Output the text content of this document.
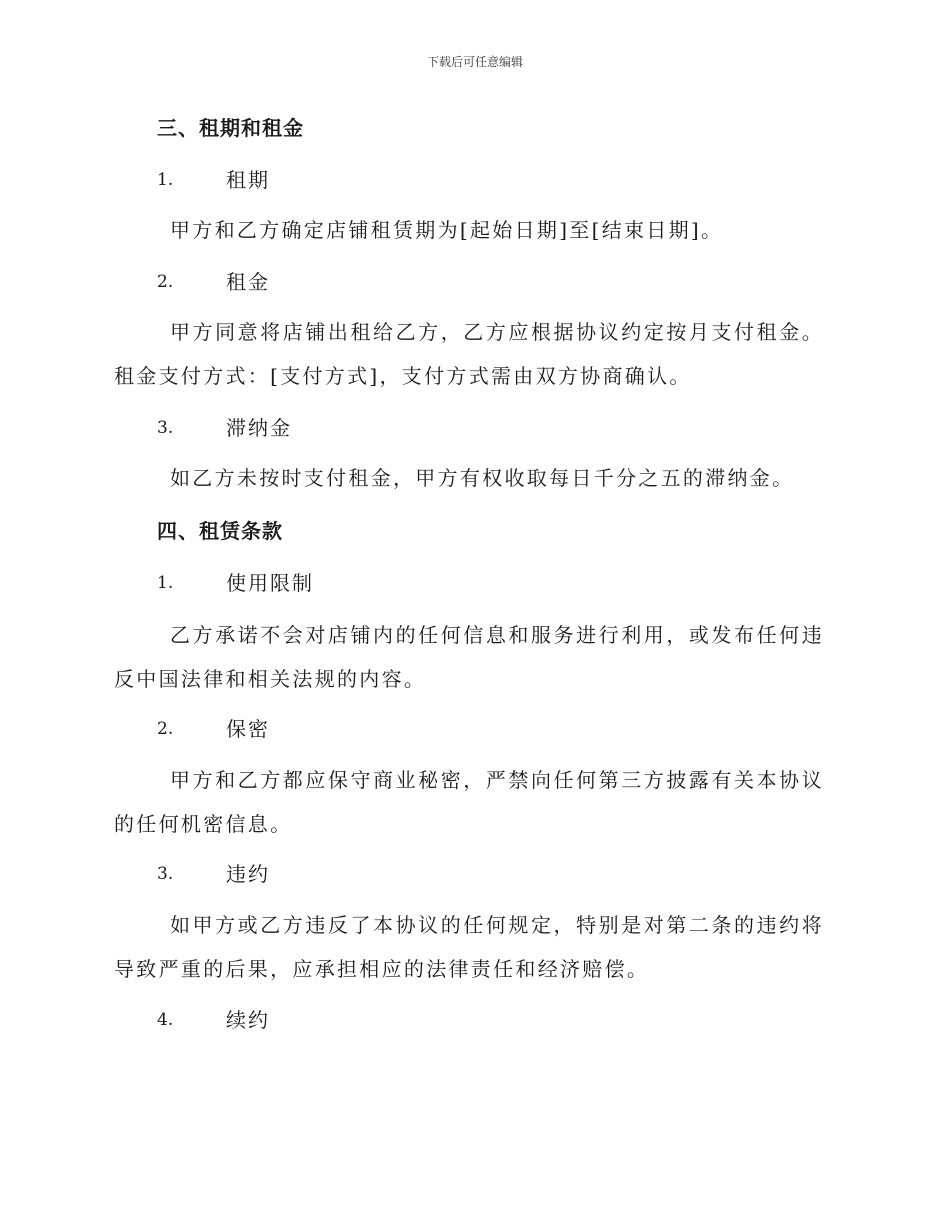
下载后可任意编辑
三、租期和租金
1.	租期
甲方和乙方确定店铺租赁期为[起始日期]至[结束日期]。
2.	租金
甲方同意将店铺出租给乙方，乙方应根据协议约定按月支付租金。租金支付方式：[支付方式]，支付方式需由双方协商确认。
3.	滞纳金
如乙方未按时支付租金，甲方有权收取每日千分之五的滞纳金。
四、租赁条款
1.	使用限制
乙方承诺不会对店铺内的任何信息和服务进行利用，或发布任何违反中国法律和相关法规的内容。
2.	保密
甲方和乙方都应保守商业秘密，严禁向任何第三方披露有关本协议的任何机密信息。
3.	违约
如甲方或乙方违反了本协议的任何规定，特别是对第二条的违约将导致严重的后果，应承担相应的法律责任和经济赔偿。
4.	续约
